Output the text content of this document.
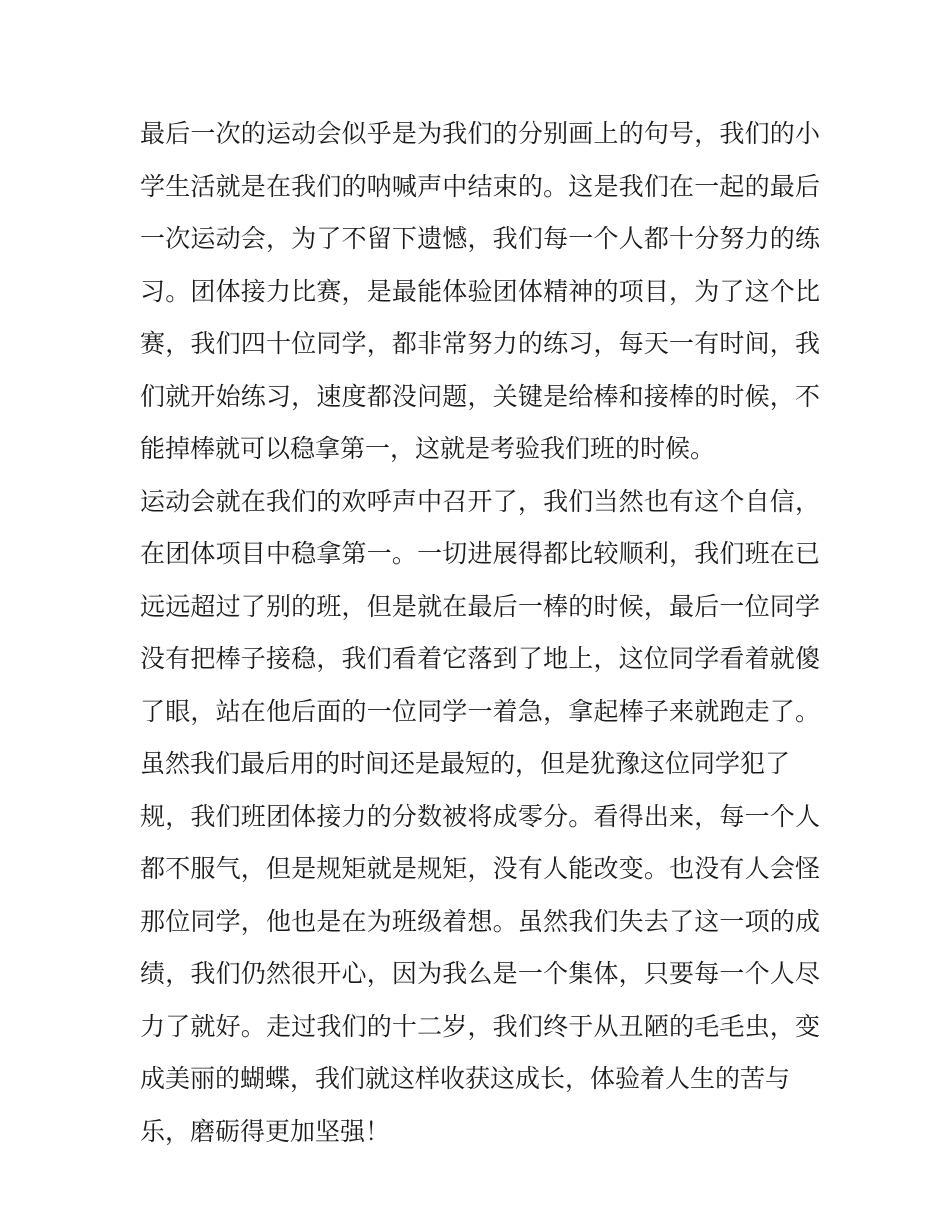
最后一次的运动会似乎是为我们的分别画上的句号，我们的小
学生活就是在我们的呐喊声中结束的。这是我们在一起的最后
一次运动会，为了不留下遗憾，我们每一个人都十分努力的练
习。团体接力比赛，是最能体验团体精神的项目，为了这个比
赛，我们四十位同学，都非常努力的练习，每天一有时间，我
们就开始练习，速度都没问题，关键是给棒和接棒的时候，不
能掉棒就可以稳拿第一，这就是考验我们班的时候。
运动会就在我们的欢呼声中召开了，我们当然也有这个自信，
在团体项目中稳拿第一。一切进展得都比较顺利，我们班在已
远远超过了别的班，但是就在最后一棒的时候，最后一位同学
没有把棒子接稳，我们看着它落到了地上，这位同学看着就傻
了眼，站在他后面的一位同学一着急，拿起棒子来就跑走了。
虽然我们最后用的时间还是最短的，但是犹豫这位同学犯了
规，我们班团体接力的分数被将成零分。看得出来，每一个人
都不服气，但是规矩就是规矩，没有人能改变。也没有人会怪
那位同学，他也是在为班级着想。虽然我们失去了这一项的成
绩，我们仍然很开心，因为我么是一个集体，只要每一个人尽
力了就好。走过我们的十二岁，我们终于从丑陋的毛毛虫，变
成美丽的蝴蝶，我们就这样收获这成长，体验着人生的苦与
乐，磨砺得更加坚强！
